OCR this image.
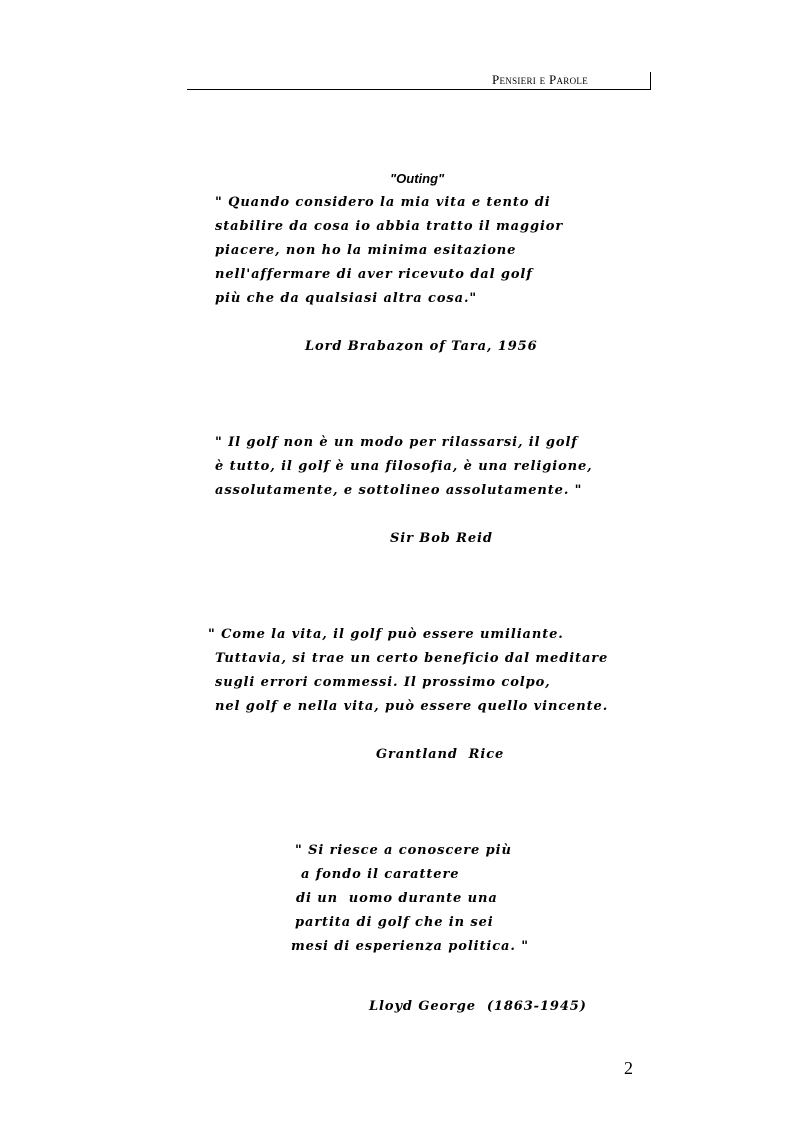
Pensieri e Parole
"Outing"
" Quando considero la mia vita e tento di
stabilire da cosa io abbia tratto il maggior
piacere, non ho la minima esitazione
nell'affermare di aver ricevuto dal golf
più che da qualsiasi altra cosa."
Lord Brabazon of Tara, 1956
" Il golf non è un modo per rilassarsi, il golf
è tutto, il golf è una filosofia, è una religione,
assolutamente, e sottolineo assolutamente. "
Sir Bob Reid
" Come la vita, il golf può essere umiliante.
Tuttavia, si trae un certo beneficio dal meditare
sugli errori commessi. Il prossimo colpo,
nel golf e nella vita, può essere quello vincente.
Grantland  Rice
" Si riesce a conoscere più
a fondo il carattere
di un  uomo durante una
partita di golf che in sei
mesi di esperienza politica. "
Lloyd George  (1863-1945)
2
